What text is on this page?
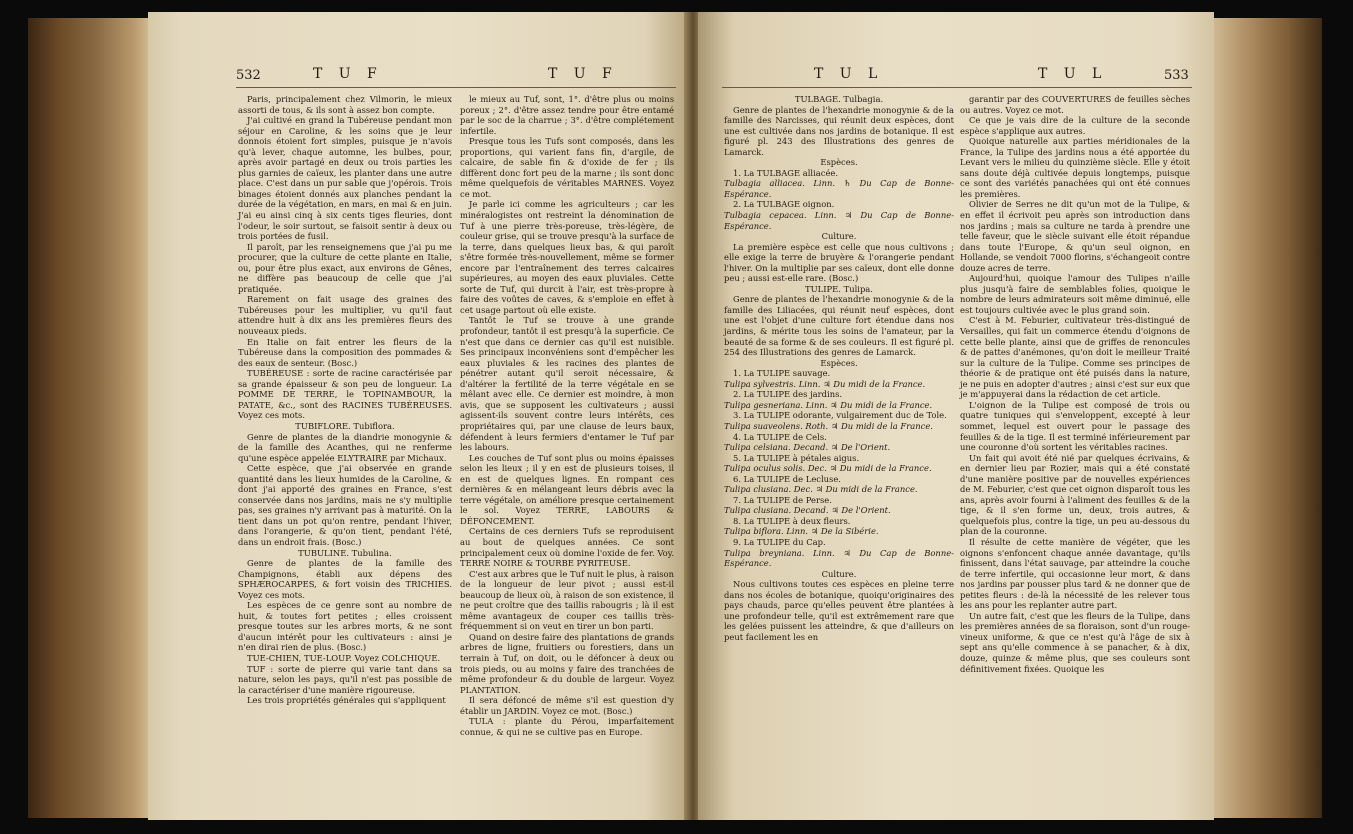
532	T U F	T U F

Paris, principalement chez Vilmorin, le mieux assorti de tous, & ils sont à assez bon compte.

J'ai cultivé en grand la Tubéreuse pendant mon séjour en Caroline, & les soins que je leur donnois étoient fort simples, puisque je n'avois qu'à lever, chaque automne, les bulbes, pour, après avoir partagé en deux ou trois parties les plus garnies de caïeux, les planter dans une autre place. C'est dans un pur sable que j'opérois. Trois binages étoient donnés aux planches pendant la durée de la végétation, en mars, en mai & en juin. J'ai eu ainsi cinq à six cents tiges fleuries, dont l'odeur, le soir surtout, se faisoit sentir à deux ou trois portées de fusil.

Il paroît, par les renseignemens que j'ai pu me procurer, que la culture de cette plante en Italie, ou, pour être plus exact, aux environs de Gênes, ne diffère pas beaucoup de celle que j'ai pratiquée.

Rarement on fait usage des graines des Tubéreuses pour les multiplier, vu qu'il faut attendre huit à dix ans les premières fleurs des nouveaux pieds.

En Italie on fait entrer les fleurs de la Tubéreuse dans la composition des pommades & des eaux de senteur. (Bosc.)

TUBÉREUSE : sorte de racine caractérisée par sa grande épaisseur & son peu de longueur. La POMME DE TERRE, le TOPINAMBOUR, la PATATE, &c., sont des RACINES TUBÉREUSES. Voyez ces mots.

TUBIFLORE. Tubiflora.

Genre de plantes de la diandrie monogynie & de la famille des Acanthes, qui ne renferme qu'une espèce appelée ELYTRAIRE par Michaux.

Cette espèce, que j'ai observée en grande quantité dans les lieux humides de la Caroline, & dont j'ai apporté des graines en France, s'est conservée dans nos jardins, mais ne s'y multiplie pas, ses graines n'y arrivant pas à maturité. On la tient dans un pot qu'on rentre, pendant l'hiver, dans l'orangerie, & qu'on tient, pendant l'été, dans un endroit frais. (Bosc.)

TUBULINE. Tubulina.

Genre de plantes de la famille des Champignons, établi aux dépens des SPHÆROCARPES, & fort voisin des TRICHIES. Voyez ces mots.

Les espèces de ce genre sont au nombre de huit, & toutes fort petites ; elles croissent presque toutes sur les arbres morts, & ne sont d'aucun intérêt pour les cultivateurs : ainsi je n'en dirai rien de plus. (Bosc.)

TUE-CHIEN, TUE-LOUP. Voyez COLCHIQUE.

TUF : sorte de pierre qui varie tant dans sa nature, selon les pays, qu'il n'est pas possible de la caractériser d'une manière rigoureuse.

Les trois propriétés générales qui s'appliquent

le mieux au Tuf, sont, 1°. d'être plus ou moins poreux ; 2°. d'être assez tendre pour être entamé par le soc de la charrue ; 3°. d'être complétement infertile.

Presque tous les Tufs sont composés, dans les proportions, qui varient fans fin, d'argile, de calcaire, de sable fin & d'oxide de fer ; ils diffèrent donc fort peu de la marne ; ils sont donc même quelquefois de véritables MARNES. Voyez ce mot.

Je parle ici comme les agriculteurs ; car les minéralogistes ont restreint la dénomination de Tuf à une pierre très-poreuse, très-légère, de couleur grise, qui se trouve presqu'à la surface de la terre, dans quelques lieux bas, & qui paroît s'être formée très-nouvellement, même se former encore par l'entraînement des terres calcaires supérieures, au moyen des eaux pluviales. Cette sorte de Tuf, qui durcit à l'air, est très-propre à faire des voûtes de caves, & s'emploie en effet à cet usage partout où elle existe.

Tantôt le Tuf se trouve à une grande profondeur, tantôt il est presqu'à la superficie. Ce n'est que dans ce dernier cas qu'il est nuisible. Ses principaux inconvéniens sont d'empêcher les eaux pluviales & les racines des plantes de pénétrer autant qu'il seroit nécessaire, & d'altérer la fertilité de la terre végétale en se mêlant avec elle. Ce dernier est moindre, à mon avis, que se supposent les cultivateurs ; aussi agissent-ils souvent contre leurs intérêts, ces propriétaires qui, par une clause de leurs baux, défendent à leurs fermiers d'entamer le Tuf par les labours.

Les couches de Tuf sont plus ou moins épaisses selon les lieux ; il y en est de plusieurs toises, il en est de quelques lignes. En rompant ces dernières & en mélangeant leurs débris avec la terre végétale, on améliore presque certainement le sol. Voyez TERRE, LABOURS & DÉFONCEMENT.

Certains de ces derniers Tufs se reproduisent au bout de quelques années. Ce sont principalement ceux où domine l'oxide de fer. Voy. TERRE NOIRE & TOURBE PYRITEUSE.

C'est aux arbres que le Tuf nuit le plus, à raison de la longueur de leur pivot ; aussi est-il beaucoup de lieux où, à raison de son existence, il ne peut croître que des taillis rabougris ; là il est même avantageux de couper ces taillis très-fréquemment si on veut en tirer un bon parti.

Quand on desire faire des plantations de grands arbres de ligne, fruitiers ou forestiers, dans un terrain à Tuf, on doit, ou le défoncer à deux ou trois pieds, ou au moins y faire des tranchées de même profondeur & du double de largeur. Voyez PLANTATION.

Il sera défoncé de même s'il est question d'y établir un JARDIN. Voyez ce mot. (Bosc.)

TULA : plante du Pérou, imparfaitement connue, & qui ne se cultive pas en Europe.

T U L	T U L	533

TULBAGE. Tulbagia.

Genre de plantes de l'hexandrie monogynie & de la famille des Narcisses, qui réunit deux espèces, dont une est cultivée dans nos jardins de botanique. Il est figuré pl. 243 des Illustrations des genres de Lamarck.

Espèces.

1. La TULBAGE alliacée.

Tulbagia alliacea. Linn. ♄ Du Cap de Bonne-Espérance.

2. La TULBAGE oignon.

Tulbagia cepacea. Linn. ♃ Du Cap de Bonne-Espérance.

Culture.

La première espèce est celle que nous cultivons ; elle exige la terre de bruyère & l'orangerie pendant l'hiver. On la multiplie par ses caïeux, dont elle donne peu ; aussi est-elle rare. (Bosc.)

TULIPE. Tulipa.

Genre de plantes de l'hexandrie monogynie & de la famille des Liliacées, qui réunit neuf espèces, dont une est l'objet d'une culture fort étendue dans nos jardins, & mérite tous les soins de l'amateur, par la beauté de sa forme & de ses couleurs. Il est figuré pl. 254 des Illustrations des genres de Lamarck.

Espèces.

1. La TULIPE sauvage.

Tulipa sylvestris. Linn. ♃ Du midi de la France.

2. La TULIPE des jardins.

Tulipa gesneriana. Linn. ♃ Du midi de la France.

3. La TULIPE odorante, vulgairement duc de Tole.

Tulipa suaveolens. Roth. ♃ Du midi de la France.

4. La TULIPE de Cels.

Tulipa celsiana. Decand. ♃ De l'Orient.

5. La TULIPE à pétales aigus.

Tulipa oculus solis. Dec. ♃ Du midi de la France.

6. La TULIPE de Lecluse.

Tulipa clusiana. Dec. ♃ Du midi de la France.

7. La TULIPE de Perse.

Tulipa clusiana. Decand. ♃ De l'Orient.

8. La TULIPE à deux fleurs.

Tulipa biflora. Linn. ♃ De la Sibérie.

9. La TULIPE du Cap.

Tulipa breyniana. Linn. ♃ Du Cap de Bonne-Espérance.

Culture.

Nous cultivons toutes ces espèces en pleine terre dans nos écoles de botanique, quoiqu'originaires des pays chauds, parce qu'elles peuvent être plantées à une profondeur telle, qu'il est extrêmement rare que les gelées puissent les atteindre, & que d'ailleurs on peut facilement les en

garantir par des COUVERTURES de feuilles sèches ou autres. Voyez ce mot.

Ce que je vais dire de la culture de la seconde espèce s'applique aux autres.

Quoique naturelle aux parties méridionales de la France, la Tulipe des jardins nous a été apportée du Levant vers le milieu du quinzième siècle. Elle y étoit sans doute déjà cultivée depuis longtemps, puisque ce sont des variétés panachées qui ont été connues les premières.

Olivier de Serres ne dit qu'un mot de la Tulipe, & en effet il écrivoit peu après son introduction dans nos jardins ; mais sa culture ne tarda à prendre une telle faveur, que le siècle suivant elle étoit répandue dans toute l'Europe, & qu'un seul oignon, en Hollande, se vendoit 7000 florins, s'échangeoit contre douze acres de terre.

Aujourd'hui, quoique l'amour des Tulipes n'aille plus jusqu'à faire de semblables folies, quoique le nombre de leurs admirateurs soit même diminué, elle est toujours cultivée avec le plus grand soin.

C'est à M. Feburier, cultivateur très-distingué de Versailles, qui fait un commerce étendu d'oignons de cette belle plante, ainsi que de griffes de renoncules & de pattes d'anémones, qu'on doit le meilleur Traité sur la culture de la Tulipe. Comme ses principes de théorie & de pratique ont été puisés dans la nature, je ne puis en adopter d'autres ; ainsi c'est sur eux que je m'appuyerai dans la rédaction de cet article.

L'oignon de la Tulipe est composé de trois ou quatre tuniques qui s'enveloppent, excepté à leur sommet, lequel est ouvert pour le passage des feuilles & de la tige. Il est terminé inférieurement par une couronne d'où sortent les véritables racines.

Un fait qui avoit été nié par quelques écrivains, & en dernier lieu par Rozier, mais qui a été constaté d'une manière positive par de nouvelles expériences de M. Feburier, c'est que cet oignon disparoît tous les ans, après avoir fourni à l'aliment des feuilles & de la tige, & il s'en forme un, deux, trois autres, & quelquefois plus, contre la tige, un peu au-dessous du plan de la couronne.

Il résulte de cette manière de végéter, que les oignons s'enfoncent chaque année davantage, qu'ils finissent, dans l'état sauvage, par atteindre la couche de terre infertile, qui occasionne leur mort, & dans nos jardins par pousser plus tard & ne donner que de petites fleurs : de-là la nécessité de les relever tous les ans pour les replanter autre part.

Un autre fait, c'est que les fleurs de la Tulipe, dans les premières années de sa floraison, sont d'un rouge-vineux uniforme, & que ce n'est qu'à l'âge de six à sept ans qu'elle commence à se panacher, & à dix, douze, quinze & même plus, que ses couleurs sont définitivement fixées. Quoique les
